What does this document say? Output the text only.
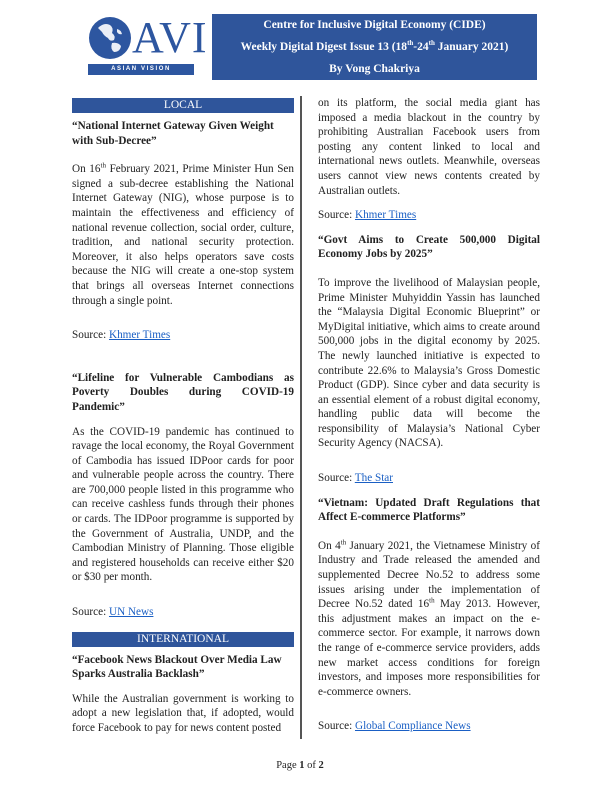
AVI
ASIAN VISION INSTITUTE
Centre for Inclusive Digital Economy (CIDE)
Weekly Digital Digest Issue 13 (18th-24th January 2021)
By Vong Chakriya
LOCAL

“National Internet Gateway Given Weight with Sub-Decree”

On 16th February 2021, Prime Minister Hun Sen signed a sub-decree establishing the National Internet Gateway (NIG), whose purpose is to maintain the effectiveness and efficiency of national revenue collection, social order, culture, tradition, and national security protection. Moreover, it also helps operators save costs because the NIG will create a one-stop system that brings all overseas Internet connections through a single point.

Source: Khmer Times

“Lifeline for Vulnerable Cambodians as Poverty Doubles during COVID-19 Pandemic”

As the COVID-19 pandemic has continued to ravage the local economy, the Royal Government of Cambodia has issued IDPoor cards for poor and vulnerable people across the country. There are 700,000 people listed in this programme who can receive cashless funds through their phones or cards. The IDPoor programme is supported by the Government of Australia, UNDP, and the Cambodian Ministry of Planning. Those eligible and registered households can receive either $20 or $30 per month.

Source: UN News

INTERNATIONAL

“Facebook News Blackout Over Media Law Sparks Australia Backlash”

While the Australian government is working to adopt a new legislation that, if adopted, would force Facebook to pay for news content posted

on its platform, the social media giant has imposed a media blackout in the country by prohibiting Australian Facebook users from posting any content linked to local and international news outlets. Meanwhile, overseas users cannot view news contents created by Australian outlets.

Source: Khmer Times

“Govt Aims to Create 500,000 Digital Economy Jobs by 2025”

To improve the livelihood of Malaysian people, Prime Minister Muhyiddin Yassin has launched the “Malaysia Digital Economic Blueprint” or MyDigital initiative, which aims to create around 500,000 jobs in the digital economy by 2025. The newly launched initiative is expected to contribute 22.6% to Malaysia’s Gross Domestic Product (GDP). Since cyber and data security is an essential element of a robust digital economy, handling public data will become the responsibility of Malaysia’s National Cyber Security Agency (NACSA).

Source: The Star

“Vietnam: Updated Draft Regulations that Affect E-commerce Platforms”

On 4th January 2021, the Vietnamese Ministry of Industry and Trade released the amended and supplemented Decree No.52 to address some issues arising under the implementation of Decree No.52 dated 16th May 2013. However, this adjustment makes an impact on the e-commerce sector. For example, it narrows down the range of e-commerce service providers, adds new market access conditions for foreign investors, and imposes more responsibilities for e-commerce owners.

Source: Global Compliance News

Page 1 of 2
